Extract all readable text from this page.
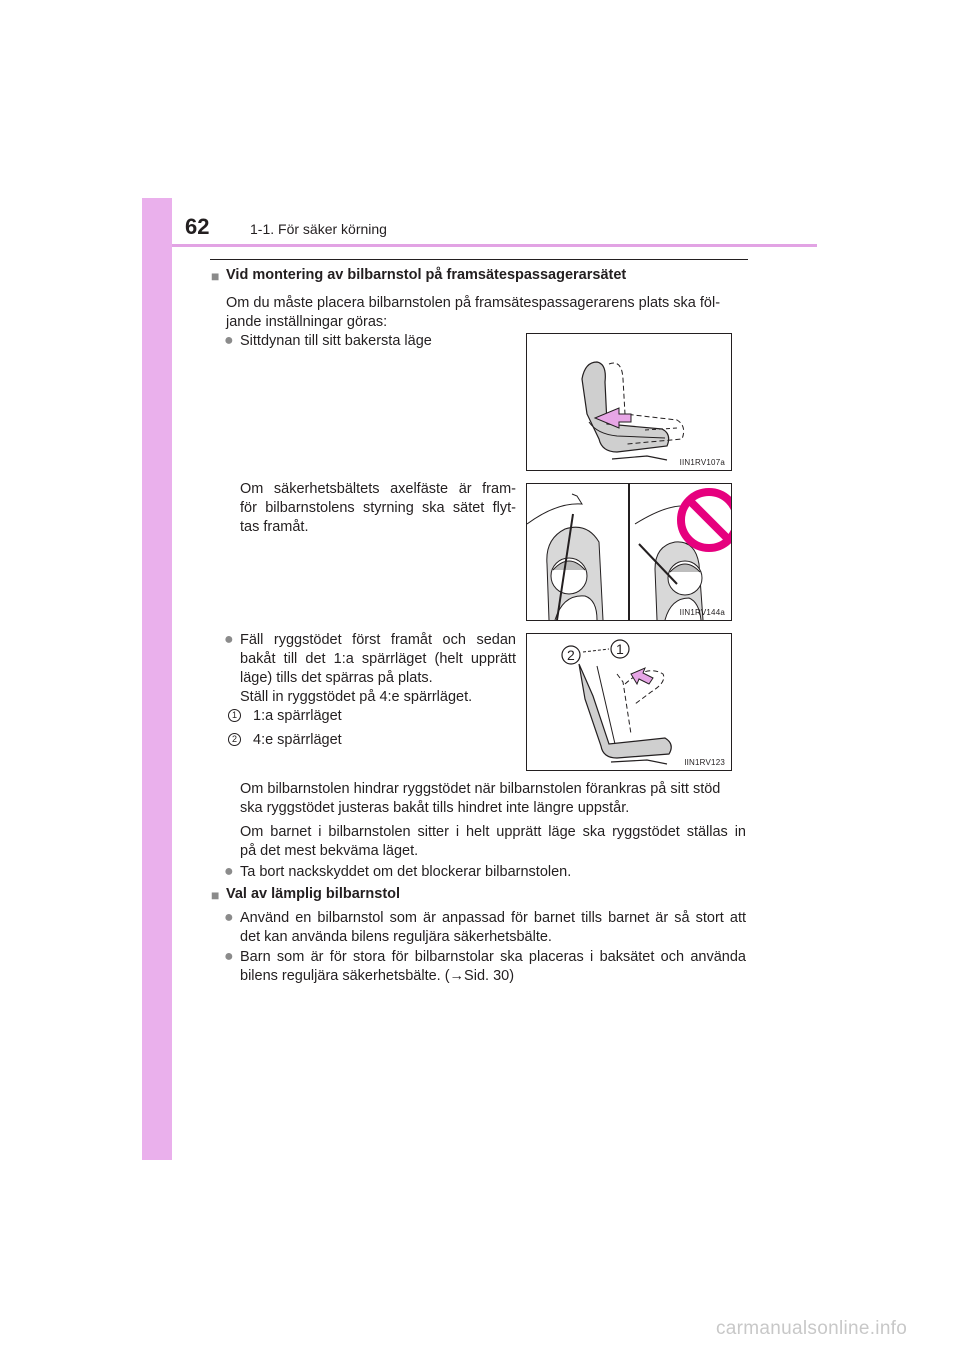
62	1-1. För säker körning
■ Vid montering av bilbarnstol på framsätespassagerarsätet
Om du måste placera bilbarnstolen på framsätespassagerarens plats ska föl-
jande inställningar göras:
● Sittdynan till sitt bakersta läge
IIN1RV107a
Om säkerhetsbältets axelfäste är fram-
för bilbarnstolens styrning ska sätet flyt-
tas framåt.
IIN1RV144a
● Fäll ryggstödet först framåt och sedan
bakåt till det 1:a spärrläget (helt upprätt
läge) tills det spärras på plats.
Ställ in ryggstödet på 4:e spärrläget.
1 1:a spärrläget
2 4:e spärrläget
2	1
IIN1RV123
Om bilbarnstolen hindrar ryggstödet när bilbarnstolen förankras på sitt stöd
ska ryggstödet justeras bakåt tills hindret inte längre uppstår.
Om barnet i bilbarnstolen sitter i helt upprätt läge ska ryggstödet ställas in
på det mest bekväma läget.
● Ta bort nackskyddet om det blockerar bilbarnstolen.
■ Val av lämplig bilbarnstol
● Använd en bilbarnstol som är anpassad för barnet tills barnet är så stort att
det kan använda bilens reguljära säkerhetsbälte.
● Barn som är för stora för bilbarnstolar ska placeras i baksätet och använda
bilens reguljära säkerhetsbälte. (→Sid. 30)
carmanualsonline.info
